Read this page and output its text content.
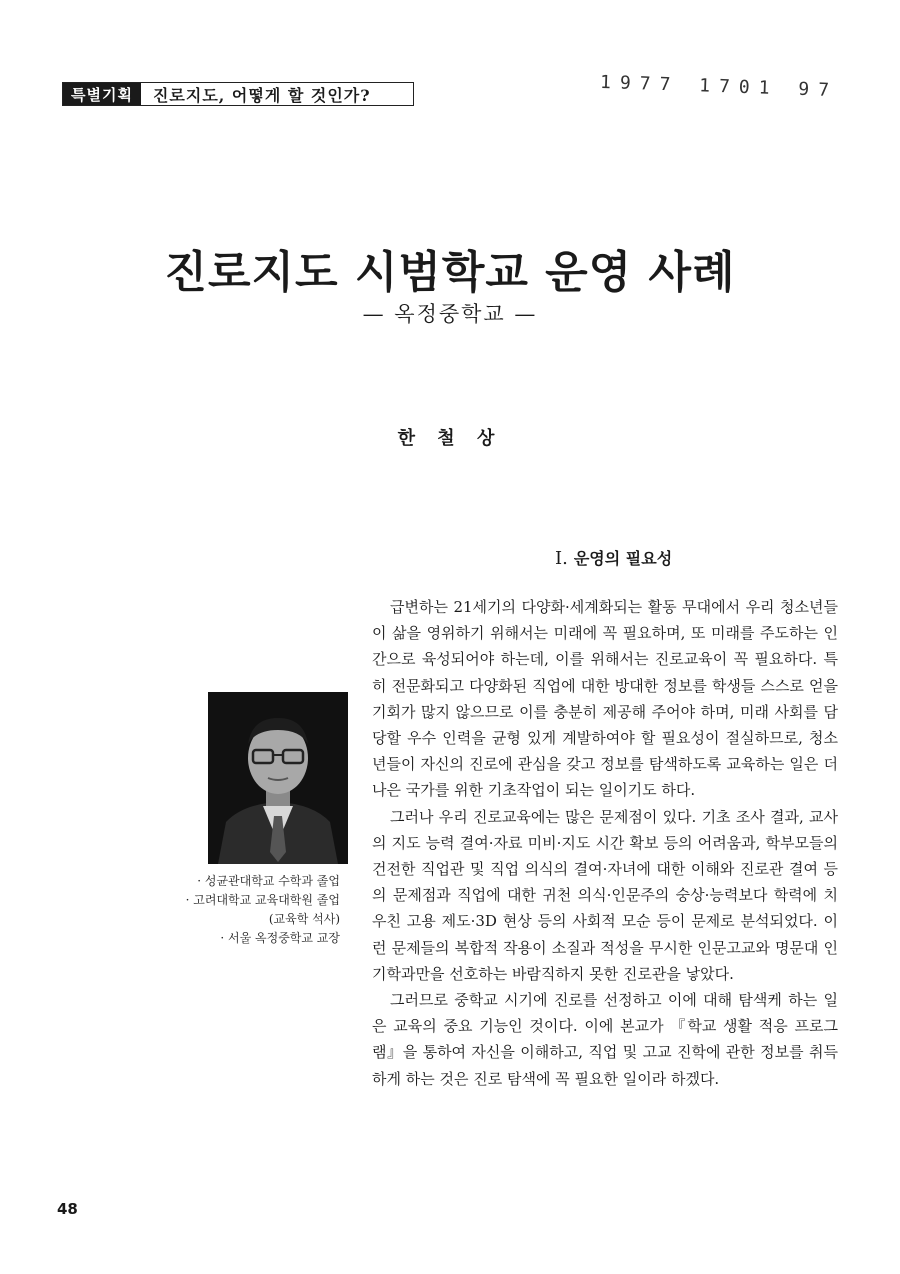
특별기획	진로지도, 어떻게 할 것인가?	1977 1701 97
진로지도 시범학교 운영 사례
— 옥정중학교 —
한 철 상
Ⅰ. 운영의 필요성

급변하는 21세기의 다양화·세계화되는 활동 무대에서 우리 청소년들이 삶을 영위하기 위해서는 미래에 꼭 필요하며, 또 미래를 주도하는 인간으로 육성되어야 하는데, 이를 위해서는 진로교육이 꼭 필요하다. 특히 전문화되고 다양화된 직업에 대한 방대한 정보를 학생들 스스로 얻을 기회가 많지 않으므로 이를 충분히 제공해 주어야 하며, 미래 사회를 담당할 우수 인력을 균형 있게 계발하여야 할 필요성이 절실하므로, 청소년들이 자신의 진로에 관심을 갖고 정보를 탐색하도록 교육하는 일은 더 나은 국가를 위한 기초작업이 되는 일이기도 하다.

그러나 우리 진로교육에는 많은 문제점이 있다. 기초 조사 결과, 교사의 지도 능력 결여·자료 미비·지도 시간 확보 등의 어려움과, 학부모들의 건전한 직업관 및 직업 의식의 결여·자녀에 대한 이해와 진로관 결여 등의 문제점과 직업에 대한 귀천 의식·인문주의 숭상·능력보다 학력에 치우친 고용 제도·3D 현상 등의 사회적 모순 등이 문제로 분석되었다. 이런 문제들의 복합적 작용이 소질과 적성을 무시한 인문고교와 명문대 인기학과만을 선호하는 바람직하지 못한 진로관을 낳았다.

그러므로 중학교 시기에 진로를 선정하고 이에 대해 탐색케 하는 일은 교육의 중요 기능인 것이다. 이에 본교가 『학교 생활 적응 프로그램』을 통하여 자신을 이해하고, 직업 및 고교 진학에 관한 정보를 취득하게 하는 것은 진로 탐색에 꼭 필요한 일이라 하겠다.

· 성균관대학교 수학과 졸업
· 고려대학교 교육대학원 졸업
(교육학 석사)
· 서울 옥정중학교 교장
48
